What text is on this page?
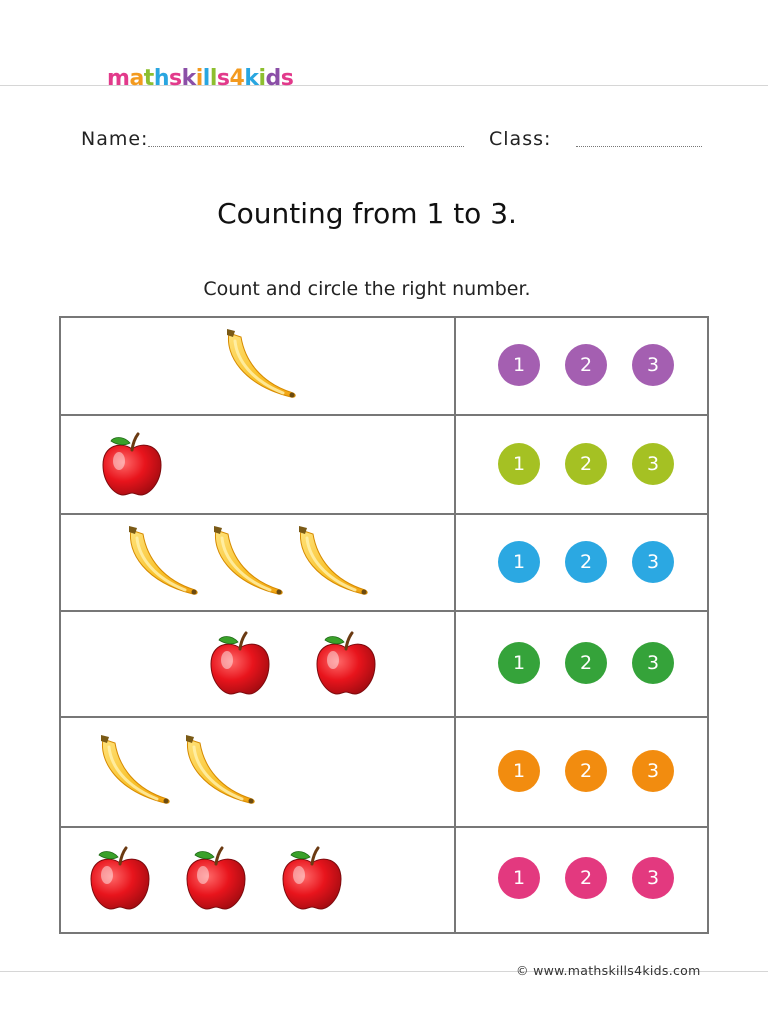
mathskills4kids
Name:	Class:
Counting from 1 to 3.
Count and circle the right number.
1	2	3
1	2	3
1	2	3
1	2	3
1	2	3
1	2	3
© www.mathskills4kids.com
